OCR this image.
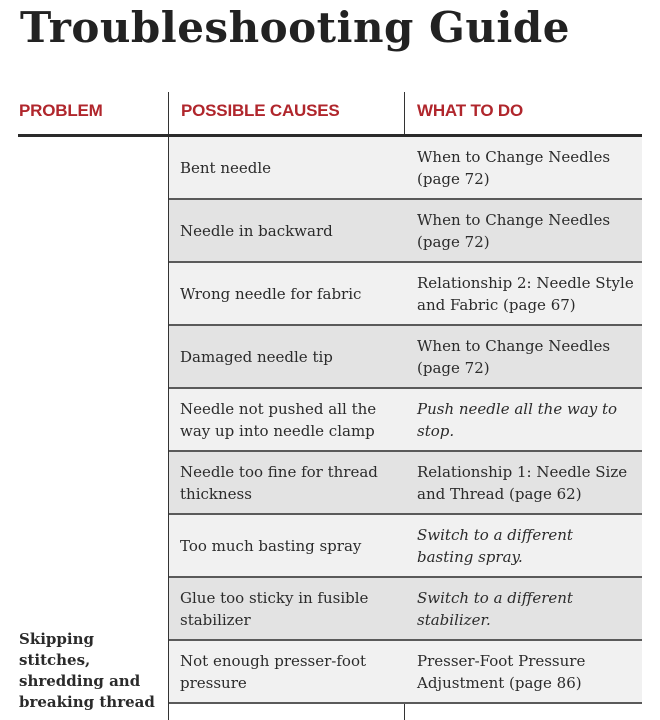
Troubleshooting Guide
PROBLEM	POSSIBLE CAUSES	WHAT TO DO
Bent needle
When to Change Needles (page 72)
Needle in backward
When to Change Needles (page 72)
Wrong needle for fabric
Relationship 2: Needle Style and Fabric (page 67)
Damaged needle tip
When to Change Needles (page 72)
Needle not pushed all the way up into needle clamp
Push needle all the way to stop.
Needle too fine for thread thickness
Relationship 1: Needle Size and Thread (page 62)
Too much basting spray
Switch to a different basting spray.
Glue too sticky in fusible stabilizer
Switch to a different stabilizer.
Not enough presser-foot pressure
Presser-Foot Pressure Adjustment (page 86)
Skipping stitches, shredding and breaking thread
